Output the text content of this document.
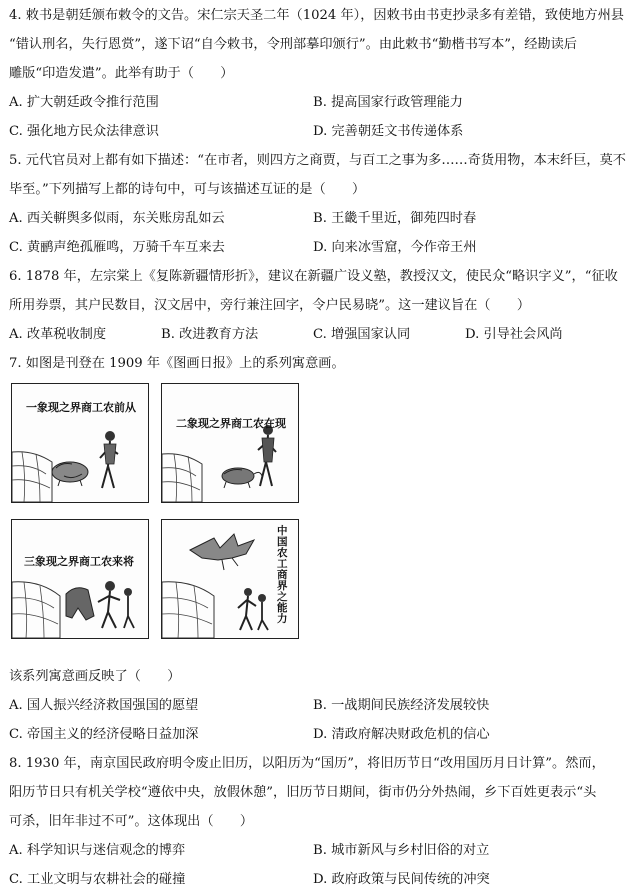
4. 敕书是朝廷颁布敕令的文告。宋仁宗天圣二年（1024 年），因敕书由书吏抄录多有差错，致使地方州县
“错认刑名，失行恩赏”，遂下诏“自今敕书，令刑部摹印颁行”。由此敕书“勤楷书写本”，经勘读后
雕版“印造发遣”。此举有助于（　　）
A. 扩大朝廷政令推行范围	B. 提高国家行政管理能力
C. 强化地方民众法律意识	D. 完善朝廷文书传递体系
5. 元代官员对上都有如下描述：“在市者，则四方之商贾，与百工之事为多……奇货用物，本末纤巨，莫不
毕至。”下列描写上都的诗句中，可与该描述互证的是（　　）
A. 西关輧舆多似雨，东关账房乱如云	B. 王畿千里近，御苑四时春
C. 黄鹂声绝孤雁鸣，万骑千车互来去	D. 向来冰雪窟，今作帝王州
6. 1878 年，左宗棠上《复陈新疆情形折》，建议在新疆广设义塾，教授汉文，使民众“略识字义”，“征收
所用券票，其户民数目，汉文居中，旁行兼注回字，令户民易晓”。这一建议旨在（　　）
A. 改革税收制度	B. 改进教育方法	C. 增强国家认同	D. 引导社会风尚
7. 如图是刊登在 1909 年《图画日报》上的系列寓意画。
一象现之界商工农前从
二象现之界商工农在现
三象现之界商工农来将
中国农工商界之能力
该系列寓意画反映了（　　）
A. 国人振兴经济救国强国的愿望	B. 一战期间民族经济发展较快
C. 帝国主义的经济侵略日益加深	D. 清政府解决财政危机的信心
8. 1930 年，南京国民政府明令废止旧历，以阳历为“国历”，将旧历节日“改用国历月日计算”。然而，
阳历节日只有机关学校“遵依中央，放假休憩”，旧历节日期间，街市仍分外热闹，乡下百姓更表示“头
可杀，旧年非过不可”。这体现出（　　）
A. 科学知识与迷信观念的博弈	B. 城市新风与乡村旧俗的对立
C. 工业文明与农耕社会的碰撞	D. 政府政策与民间传统的冲突
